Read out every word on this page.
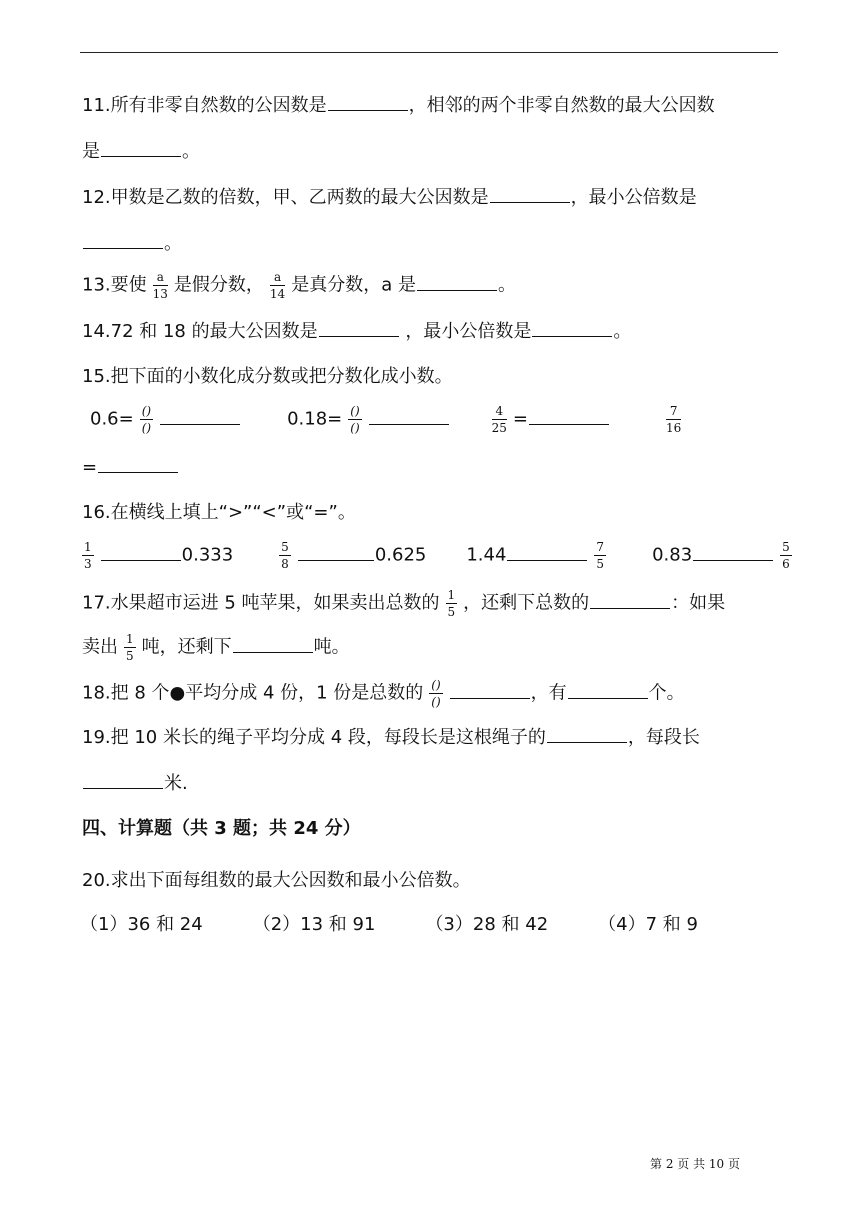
11.所有非零自然数的公因数是	，相邻的两个非零自然数的最大公因数
是	。
12.甲数是乙数的倍数，甲、乙两数的最大公因数是	，最小公倍数是
。
13.要使 $\frac{a}{13}$ 是假分数， $\frac{a}{14}$ 是真分数，a 是	。
14.72 和 18 的最大公因数是	，最小公倍数是	。
15.把下面的小数化成分数或把分数化成小数。
$0.6= \frac{()}{()}$	$0.18= \frac{()}{()}$	$\frac{4}{25}$ =	$\frac{7}{16}$
=
16.在横线上填上“>”“<”或“=”。
$\frac{1}{3}$	0.333	$\frac{5}{8}$	0.625 1.44	$\frac{7}{5}$	0.83	$\frac{5}{6}$
17.水果超市运进 5 吨苹果，如果卖出总数的 $\frac{1}{5}$ ，还剩下总数的	：如果
卖出 $\frac{1}{5}$ 吨，还剩下	吨。
18.把 8 个●平均分成 4 份，1 份是总数的 $\frac{()}{()}$	，有	个。
19.把 10 米长的绳子平均分成 4 段，每段长是这根绳子的	，每段长
米.
四、计算题（共 3 题；共 24 分）
20.求出下面每组数的最大公因数和最小公倍数。
（1）36 和 24	（2）13 和 91	（3）28 和 42	（4）7 和 9
第 2 页 共 10 页
